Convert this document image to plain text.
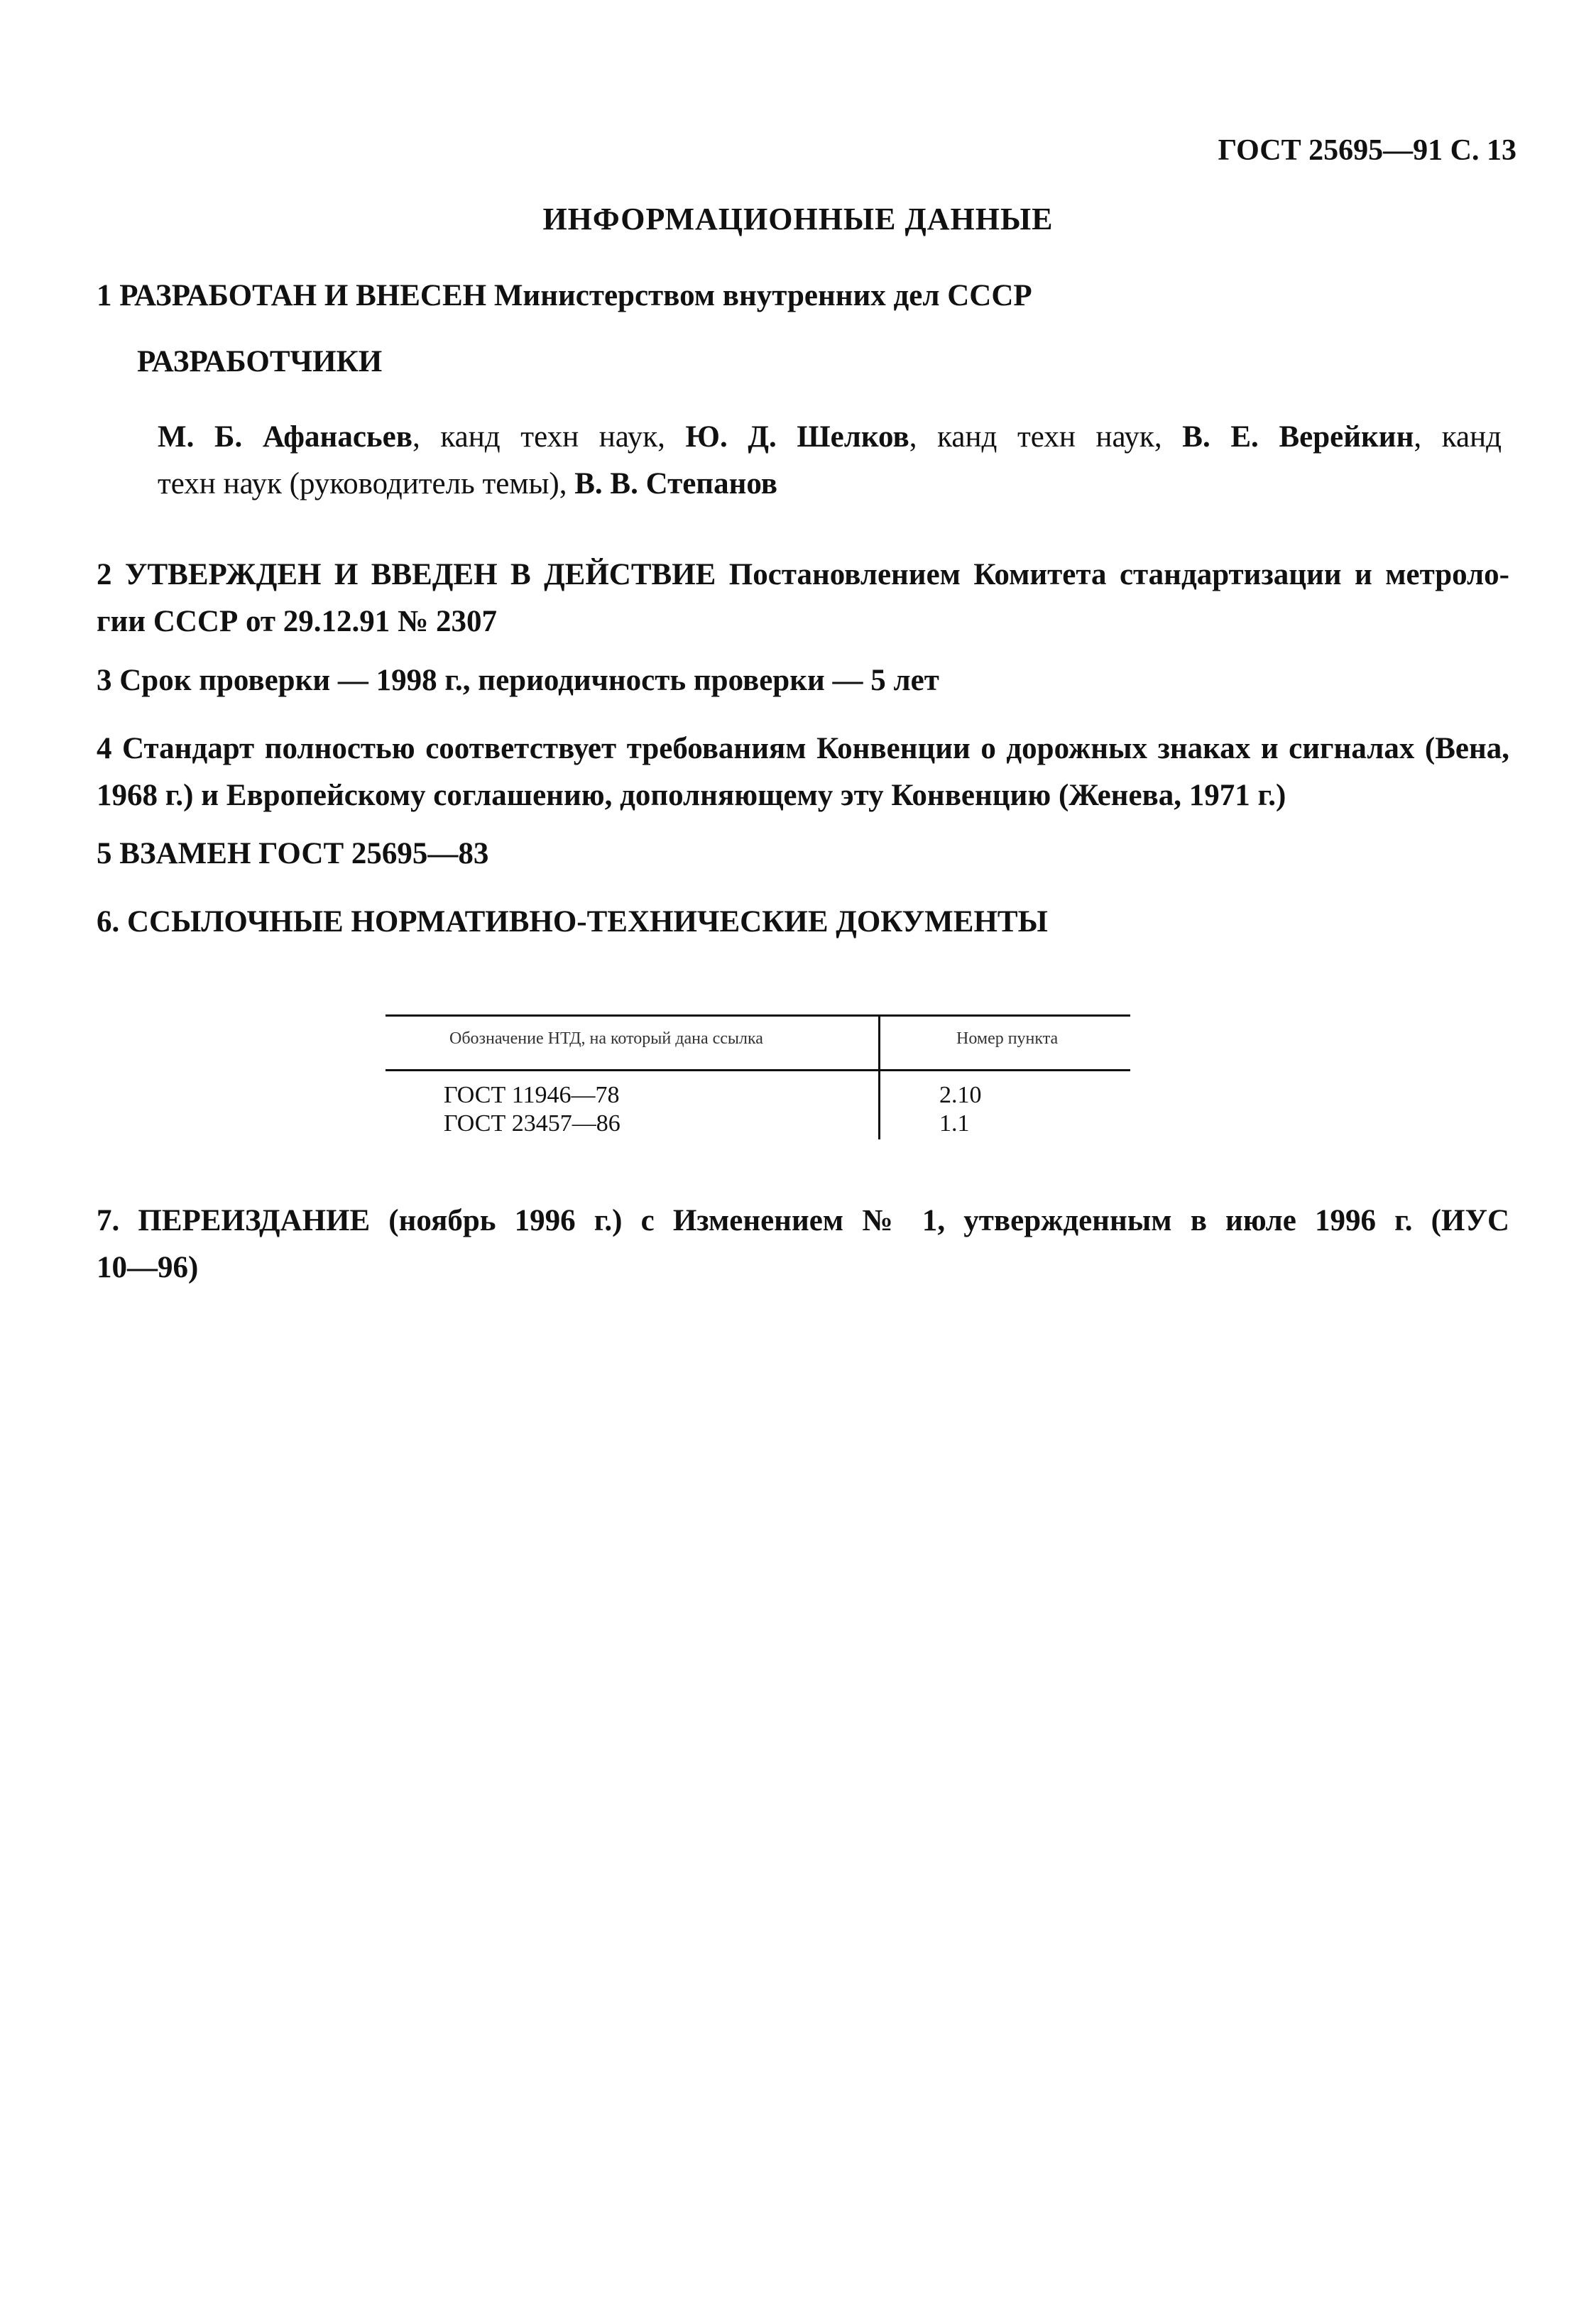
ГОСТ 25695—91 С. 13
ИНФОРМАЦИОННЫЕ ДАННЫЕ
1 РАЗРАБОТАН И ВНЕСЕН Министерством внутренних дел СССР
РАЗРАБОТЧИКИ
М. Б. Афанасьев, канд техн наук, Ю. Д. Шелков, канд техн наук, В. Е. Верейкин, канд
техн наук (руководитель темы), В. В. Степанов
2 УТВЕРЖДЕН И ВВЕДЕН В ДЕЙСТВИЕ Постановлением Комитета стандартизации и метроло-
гии СССР от 29.12.91 № 2307
3 Срок проверки — 1998 г., периодичность проверки — 5 лет
4 Стандарт полностью соответствует требованиям Конвенции о дорожных знаках и сигналах (Вена,
1968 г.) и Европейскому соглашению, дополняющему эту Конвенцию (Женева, 1971 г.)
5 ВЗАМЕН ГОСТ 25695—83
6. ССЫЛОЧНЫЕ НОРМАТИВНО-ТЕХНИЧЕСКИЕ ДОКУМЕНТЫ
Обозначение НТД, на который дана ссылка	Номер пункта
ГОСТ 11946—78	2.10
ГОСТ 23457—86	1.1
7. ПЕРЕИЗДАНИЕ (ноябрь 1996 г.) с Изменением № 1, утвержденным в июле 1996 г. (ИУС
10—96)
